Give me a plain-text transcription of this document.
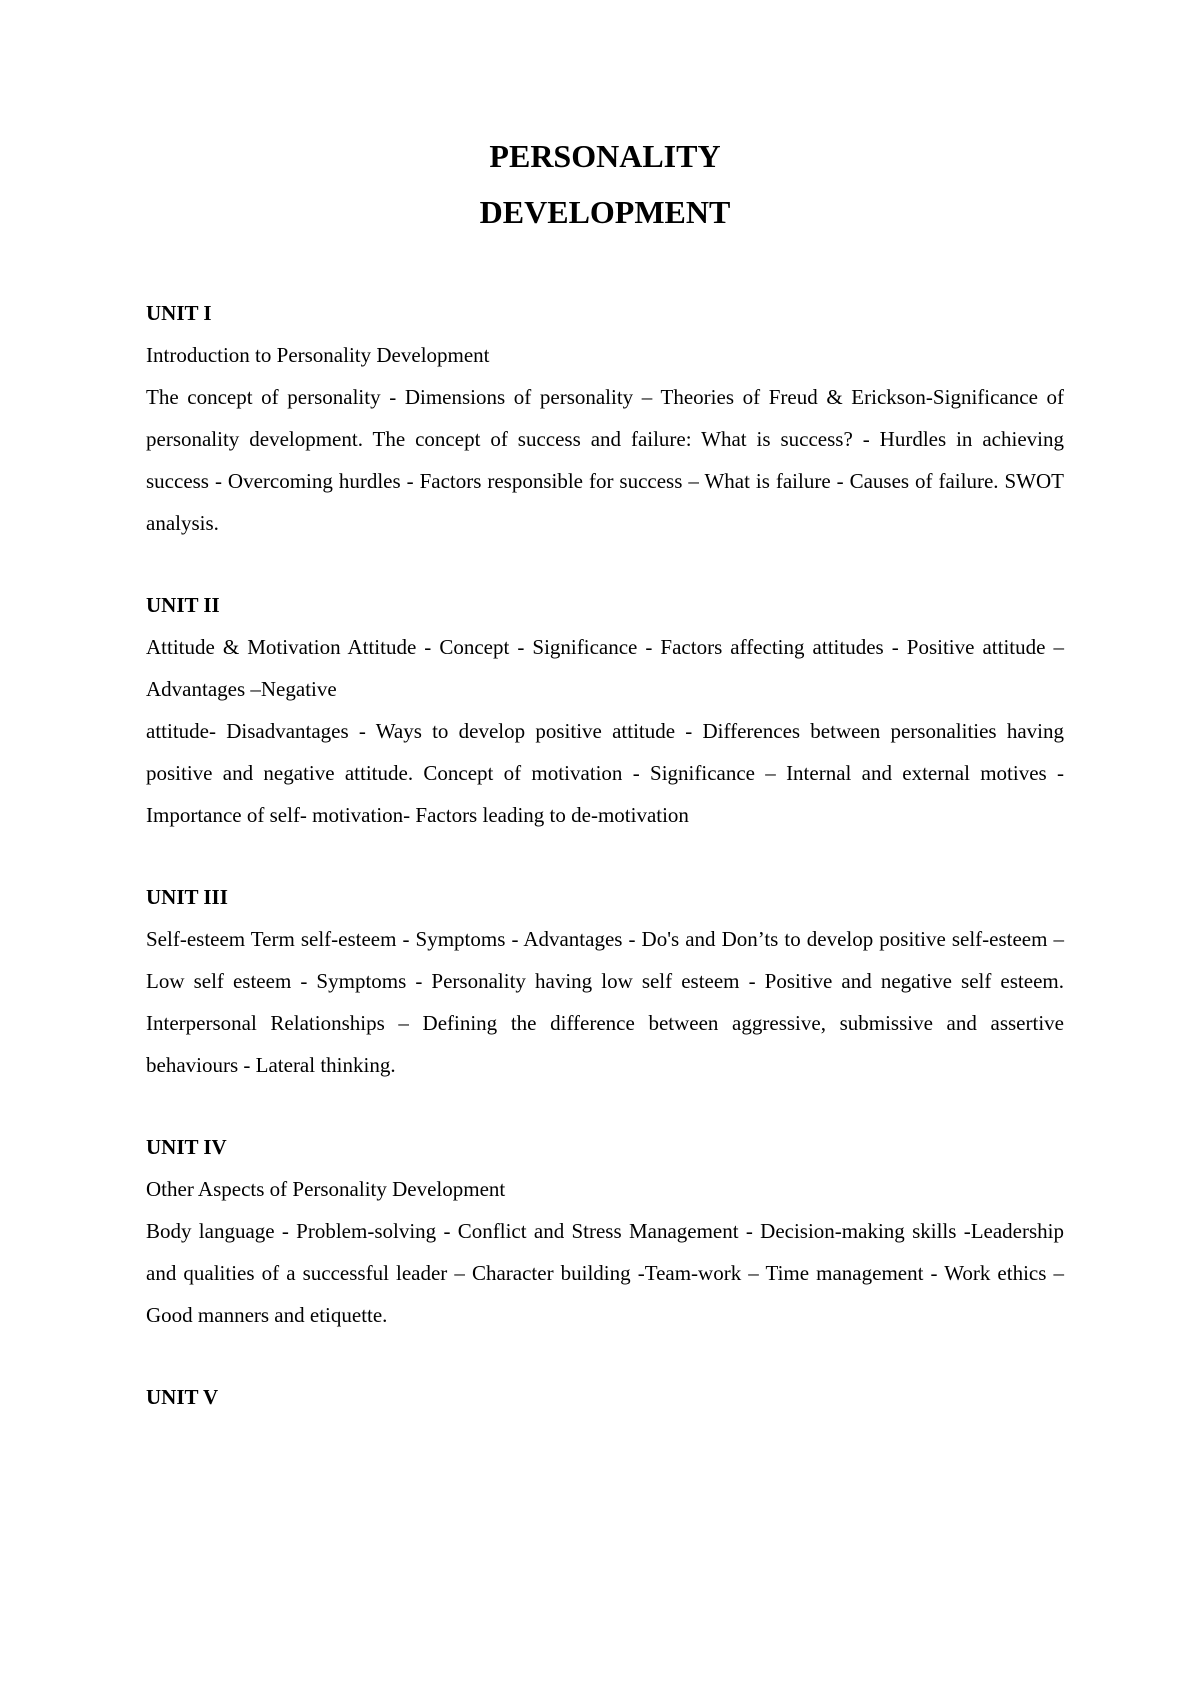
PERSONALITY
DEVELOPMENT
UNIT I

Introduction to Personality Development

The concept of personality - Dimensions of personality – Theories of Freud & Erickson-Significance of personality development. The concept of success and failure: What is success? - Hurdles in achieving success - Overcoming hurdles - Factors responsible for success – What is failure - Causes of failure. SWOT analysis.

UNIT II

Attitude & Motivation Attitude - Concept - Significance - Factors affecting attitudes - Positive attitude – Advantages –Negative

attitude- Disadvantages - Ways to develop positive attitude - Differences between personalities having positive and negative attitude. Concept of motivation - Significance – Internal and external motives - Importance of self- motivation- Factors leading to de-motivation

UNIT III

Self-esteem Term self-esteem - Symptoms - Advantages - Do's and Don’ts to develop positive self-esteem – Low self esteem - Symptoms - Personality having low self esteem - Positive and negative self esteem. Interpersonal Relationships – Defining the difference between aggressive, submissive and assertive behaviours - Lateral thinking.

UNIT IV

Other Aspects of Personality Development

Body language - Problem-solving - Conflict and Stress Management - Decision-making skills -Leadership and qualities of a successful leader – Character building -Team-work – Time management - Work ethics –Good manners and etiquette.

UNIT V
